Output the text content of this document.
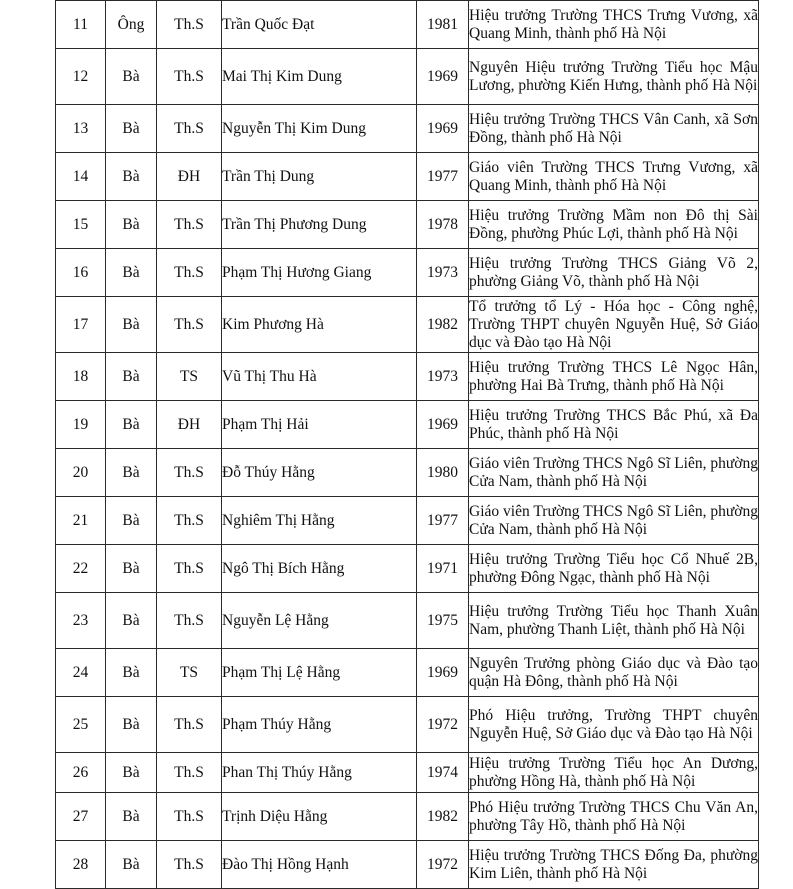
11	Ông	Th.S	Trần Quốc Đạt	1981	Hiệu trưởng Trường THCS Trưng Vương, xã Quang Minh, thành phố Hà Nội
12	Bà	Th.S	Mai Thị Kim Dung	1969	Nguyên Hiệu trưởng Trường Tiểu học Mậu Lương, phường Kiến Hưng, thành phố Hà Nội
13	Bà	Th.S	Nguyễn Thị Kim Dung	1969	Hiệu trưởng Trường THCS Vân Canh, xã Sơn Đồng, thành phố Hà Nội
14	Bà	ĐH	Trần Thị Dung	1977	Giáo viên Trường THCS Trưng Vương, xã Quang Minh, thành phố Hà Nội
15	Bà	Th.S	Trần Thị Phương Dung	1978	Hiệu trưởng Trường Mầm non Đô thị Sài Đồng, phường Phúc Lợi, thành phố Hà Nội
16	Bà	Th.S	Phạm Thị Hương Giang	1973	Hiệu trưởng Trường THCS Giảng Võ 2, phường Giảng Võ, thành phố Hà Nội
17	Bà	Th.S	Kim Phương Hà	1982	Tổ trưởng tổ Lý - Hóa học - Công nghệ, Trường THPT chuyên Nguyễn Huệ, Sở Giáo dục và Đào tạo Hà Nội
18	Bà	TS	Vũ Thị Thu Hà	1973	Hiệu trưởng Trường THCS Lê Ngọc Hân, phường Hai Bà Trưng, thành phố Hà Nội
19	Bà	ĐH	Phạm Thị Hải	1969	Hiệu trưởng Trường THCS Bắc Phú, xã Đa Phúc, thành phố Hà Nội
20	Bà	Th.S	Đỗ Thúy Hằng	1980	Giáo viên Trường THCS Ngô Sĩ Liên, phường Cửa Nam, thành phố Hà Nội
21	Bà	Th.S	Nghiêm Thị Hằng	1977	Giáo viên Trường THCS Ngô Sĩ Liên, phường Cửa Nam, thành phố Hà Nội
22	Bà	Th.S	Ngô Thị Bích Hằng	1971	Hiệu trưởng Trường Tiểu học Cổ Nhuế 2B, phường Đông Ngạc, thành phố Hà Nội
23	Bà	Th.S	Nguyễn Lệ Hằng	1975	Hiệu trưởng Trường Tiểu học Thanh Xuân Nam, phường Thanh Liệt, thành phố Hà Nội
24	Bà	TS	Phạm Thị Lệ Hằng	1969	Nguyên Trưởng phòng Giáo dục và Đào tạo quận Hà Đông, thành phố Hà Nội
25	Bà	Th.S	Phạm Thúy Hằng	1972	Phó Hiệu trưởng, Trường THPT chuyên Nguyễn Huệ, Sở Giáo dục và Đào tạo Hà Nội
26	Bà	Th.S	Phan Thị Thúy Hằng	1974	Hiệu trưởng Trường Tiểu học An Dương, phường Hồng Hà, thành phố Hà Nội
27	Bà	Th.S	Trịnh Diệu Hằng	1982	Phó Hiệu trưởng Trường THCS Chu Văn An, phường Tây Hồ, thành phố Hà Nội
28	Bà	Th.S	Đào Thị Hồng Hạnh	1972	Hiệu trưởng Trường THCS Đống Đa, phường Kim Liên, thành phố Hà Nội
